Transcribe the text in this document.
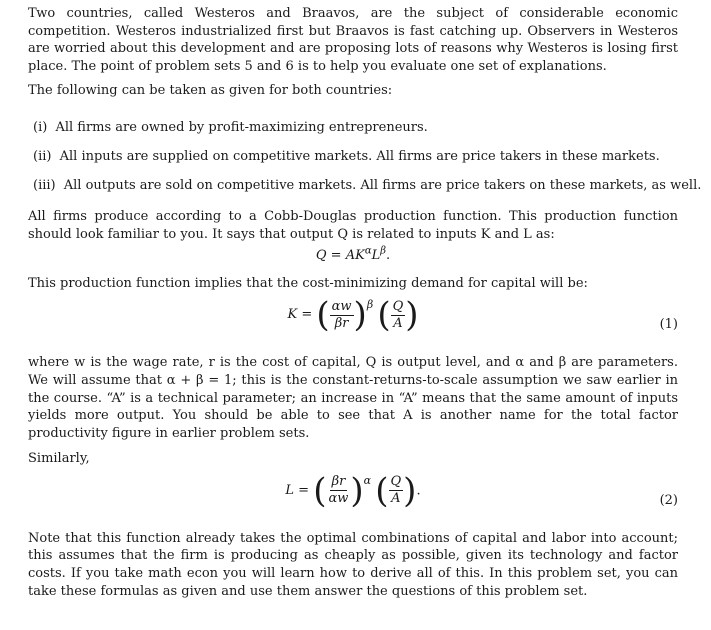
Two countries, called Westeros and Braavos, are the subject of considerable economic competition. Westeros industrialized first but Braavos is fast catching up. Observers in Westeros are worried about this development and are proposing lots of reasons why Westeros is losing first place. The point of problem sets 5 and 6 is to help you evaluate one set of explanations.

The following can be taken as given for both countries:

(i) All firms are owned by profit-maximizing entrepreneurs.
(ii) All inputs are supplied on competitive markets. All firms are price takers in these markets.
(iii) All outputs are sold on competitive markets. All firms are price takers on these markets, as well.

All firms produce according to a Cobb-Douglas production function. This production function should look familiar to you. It says that output Q is related to inputs K and L as:

$Q = AK^\alpha L^\beta$.

This production function implies that the cost-minimizing demand for capital will be:

K = ( $\frac{\alpha w}{\beta r} )\beta$ ( $\frac{Q}{A}$ )	(1)

where w is the wage rate, r is the cost of capital, Q is output level, and α and β are parameters. We will assume that α + β = 1; this is the constant-returns-to-scale assumption we saw earlier in the course. “A” is a technical parameter; an increase in “A” means that the same amount of inputs yields more output. You should be able to see that A is another name for the total factor productivity figure in earlier problem sets.

Similarly,

L = ( $\frac{\beta r}{\alpha w} )\alpha$ ( $\frac{Q}{A}$ ).
(2)

Note that this function already takes the optimal combinations of capital and labor into account; this assumes that the firm is producing as cheaply as possible, given its technology and factor costs. If you take math econ you will learn how to derive all of this. In this problem set, you can take these formulas as given and use them answer the questions of this problem set.
